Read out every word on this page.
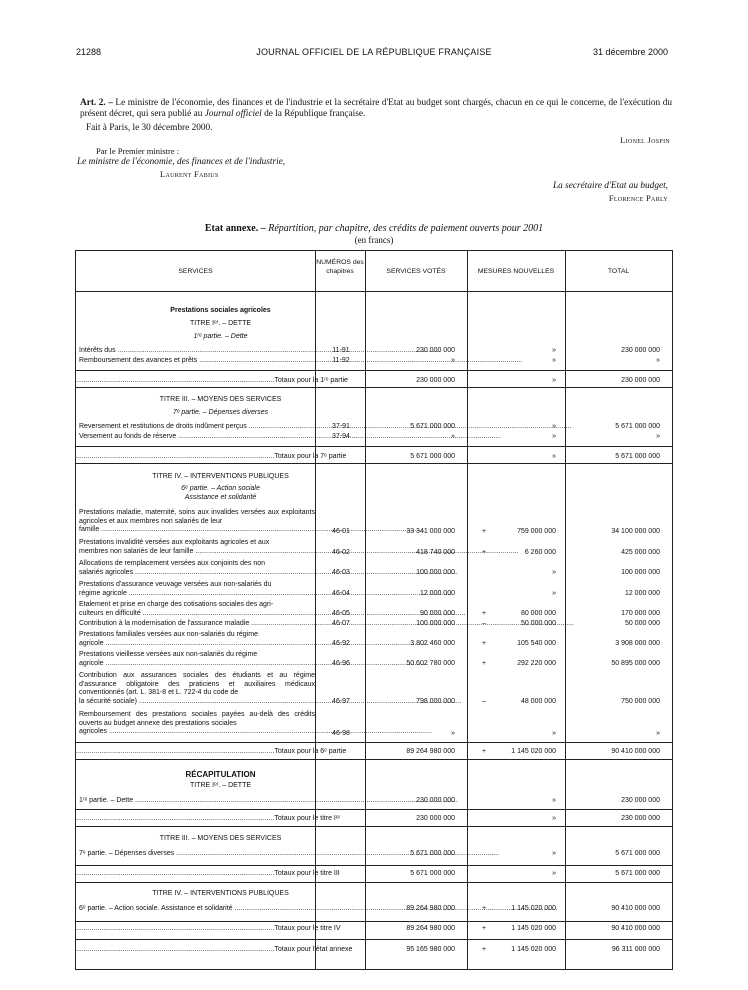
21288	JOURNAL OFFICIEL DE LA RÉPUBLIQUE FRANÇAISE	31 décembre 2000
Art. 2. – Le ministre de l'économie, des finances et de l'industrie et la secrétaire d'Etat au budget sont chargés, chacun en ce qui le concerne, de l'exécution du présent décret, qui sera publié au Journal officiel de la République française.
Fait à Paris, le 30 décembre 2000.
Lionel Jospin
Par le Premier ministre :
Le ministre de l'économie, des finances et de l'industrie,
Laurent Fabius
La secrétaire d'Etat au budget,
Florence Parly
Etat annexe. – Répartition, par chapitre, des crédits de paiement ouverts pour 2001
(en francs)
SERVICES
NUMÉROS des chapitres	SERVICES VOTÉS	MESURES NOUVELLES	TOTAL
Prestations sociales agricoles
TITRE Iᵉʳ. – DETTE
1ʳᵉ partie. – Dette
Intérêts dus .....	11-91	230 000 000	»	230 000 000
Remboursement des avances et prêts .....	11-92	»	»	»
..... Totaux pour la 1ʳᵉ partie	230 000 000	»	230 000 000
TITRE III. – MOYENS DES SERVICES
7ᵉ partie. – Dépenses diverses
Reversement et restitutions de droits indûment perçus .....	37-91	5 671 000 000	»	5 671 000 000
Versement au fonds de réserve .....	37-94	»	»	»
..... Totaux pour la 7ᵉ partie	5 671 000 000	»	5 671 000 000
TITRE IV. – INTERVENTIONS PUBLIQUES
6ᵉ partie. – Action sociale
Assistance et solidarité
Prestations maladie, maternité, soins aux invalides versées aux exploitants agricoles et aux membres non salariés de leur
famille .....	46-01	33 341 000 000	+	759 000 000	34 100 000 000
Prestations invalidité versées aux exploitants agricoles et aux
membres non salariés de leur famille .....	46-02	418 740 000	+	6 260 000	425 000 000
Allocations de remplacement versées aux conjoints des non
salariés agricoles .....	46-03	100 000 000	»	100 000 000
Prestations d'assurance veuvage versées aux non-salariés du
régime agricole .....	46-04	12 000 000	»	12 000 000
Etalement et prise en charge des cotisations sociales des agri-
culteurs en difficulté .....	46-05	90 000 000	+	80 000 000	170 000 000
Contribution à la modernisation de l'assurance maladie .....	46-07	100 000 000	–	50 000 000	50 000 000
Prestations familiales versées aux non-salariés du régime
agricole .....	46-92	3 802 460 000	+	105 540 000	3 908 000 000
Prestations vieillesse versées aux non-salariés du régime
agricole .....	46-96	50 602 780 000	+	292 220 000	50 895 000 000
Contribution aux assurances sociales des étudiants et au régime d'assurance obligatoire des praticiens et auxiliaires médicaux conventionnés (art. L. 381-8 et L. 722-4 du code de
la sécurité sociale) .....	46-97	798 000 000	–	48 000 000	750 000 000
Remboursement des prestations sociales payées au-delà des crédits ouverts au budget annexe des prestations sociales
agricoles .....	46-98	»	»	»
..... Totaux pour la 6ᵉ partie	89 264 980 000	+	1 145 020 000	90 410 000 000
RÉCAPITULATION
TITRE Iᵉʳ. – DETTE
1ʳᵉ partie. – Dette .....	230 000 000	»	230 000 000
..... Totaux pour le titre Iᵉʳ	230 000 000	»	230 000 000
TITRE III. – MOYENS DES SERVICES
7ᵉ partie. – Dépenses diverses .....	5 671 000 000	»	5 671 000 000
..... Totaux pour le titre III	5 671 000 000	»	5 671 000 000
TITRE IV. – INTERVENTIONS PUBLIQUES
6ᵉ partie. – Action sociale. Assistance et solidarité .....	89 264 980 000	+	1 145 020 000	90 410 000 000
..... Totaux pour le titre IV	89 264 980 000	+	1 145 020 000	90 410 000 000
..... Totaux pour l'état annexe	95 165 980 000	+	1 145 020 000	96 311 000 000
